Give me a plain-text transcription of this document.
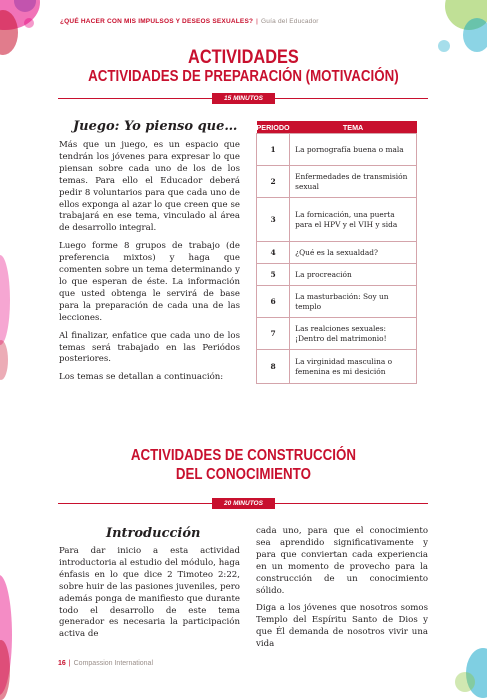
¿QUÉ HACER CON MIS IMPULSOS Y DESEOS SEXUALES? | Guía del Educador
ACTIVIDADES
ACTIVIDADES DE PREPARACIÓN (MOTIVACIÓN)
15 MINUTOS
Juego: Yo pienso que…

Más que un juego, es un espacio que tendrán los jóvenes para expresar lo que piensan sobre cada uno de los de los temas. Para ello el Educador deberá pedir 8 voluntarios para que cada uno de ellos exponga al azar lo que creen que se trabajará en ese tema, vinculado al área de desarrollo integral.

Luego forme 8 grupos de trabajo (de preferencia mixtos) y haga que comenten sobre un tema determinando y lo que esperan de éste. La información que usted obtenga le servirá de base para la preparación de cada una de las lecciones.

Al finalizar, enfatice que cada uno de los temas será trabajado en las Periódos posteriores.

Los temas se detallan a continuación:

PERIODO	TEMA
1	La pornografía buena o mala
2	Enfermedades de transmisión sexual
3	La fornicación, una puerta para el HPV y el VIH y sida
4	¿Qué es la sexualdad?
5	La procreación
6	La masturbación: Soy un templo
7	Las realciones sexuales: ¡Dentro del matrimonio!
8	La virginidad masculina o femenina es mi desición
ACTIVIDADES DE CONSTRUCCIÓN
DEL CONOCIMIENTO
20 MINUTOS
Introducción

Para dar inicio a esta actividad introductoria al estudio del módulo, haga énfasis en lo que dice 2 Timoteo 2:22, sobre huir de las pasiones juveniles, pero además ponga de manifiesto que durante todo el desarrollo de este tema generador es necesaria la participación activa de

cada uno, para que el conocimiento sea aprendido significativamente y para que conviertan cada experiencia en un momento de provecho para la construcción de un conocimiento sólido.

Diga a los jóvenes que nosotros somos Templo del Espíritu Santo de Dios y que Él demanda de nosotros vivir una vida

16 | Compassion International
